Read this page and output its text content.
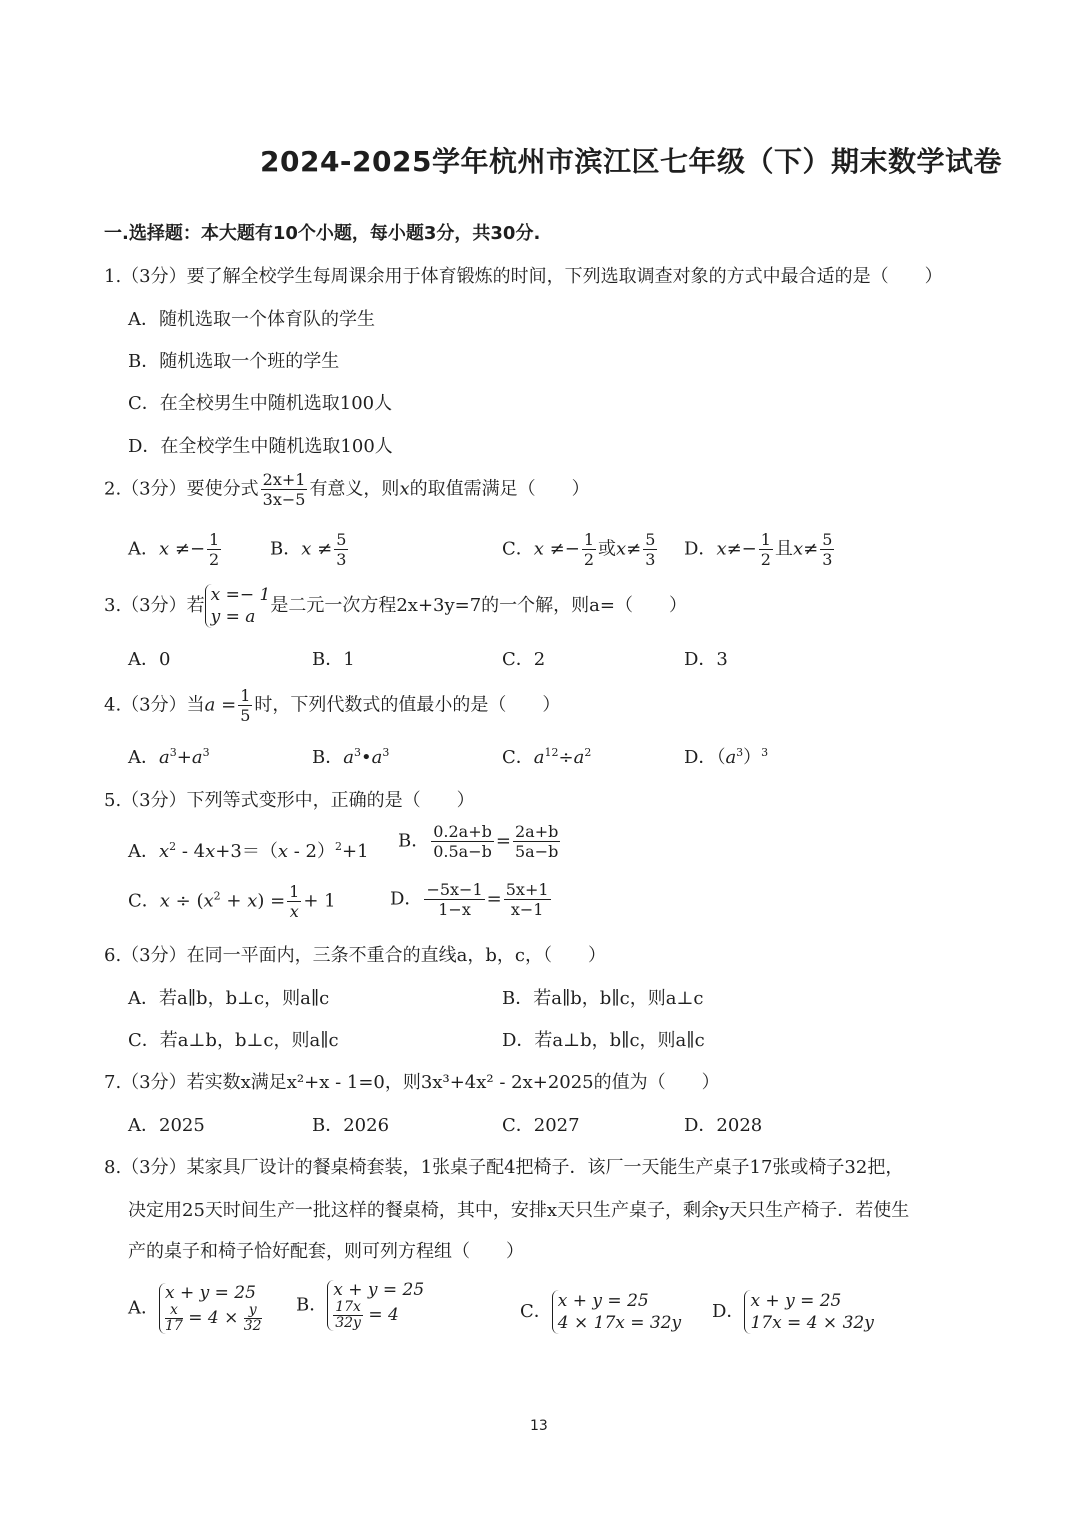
2024-2025学年杭州市滨江区七年级（下）期末数学试卷
一.选择题：本大题有10个小题，每小题3分，共30分.
1.（3分）要了解全校学生每周课余用于体育锻炼的时间，下列选取调查对象的方式中最合适的是（　　）
A．随机选取一个体育队的学生
B．随机选取一个班的学生
C．在全校男生中随机选取100人
D．在全校学生中随机选取100人
2.（3分）要使分式 $\frac{2x+1}{3x-5}$ 有意义，则x的取值需满足（　　）
A．$x \ne- \frac{1}{2}$	B．$x \ne \frac{5}{3}$	C．$x \ne- \frac{1}{2}$ 或$x\ne \frac{5}{3}$ D．$x\ne- \frac{1}{2}$ 且$x\ne \frac{5}{3}$
3.（3分）若 x =− 1
y = a
是二元一次方程2x+3y=7的一个解，则a=（　　）
A．0	B．1	C．2	D．3
4.（3分）当$a = \frac{1}{5}$ 时，下列代数式的值最小的是（　　）
A．$a^3+a^3$	B．$a^3•a^3$	C．$a^{12}\div a^2$	D．$(a^3)^3$
5.（3分）下列等式变形中，正确的是（　　）
A．$x^2 - 4x+3=(x - 2)^2+1$ B． $\frac{0.2a+b}{0.5a-b} = \frac{2a+b}{5a-b}$
C．$x \div (x^2 + x) = \frac{1}{x} + 1$	D． $\frac{-5x-1}{1-x} = \frac{5x+1}{x-1}$
6.（3分）在同一平面内，三条不重合的直线a，b，c，（　　）
A．若a∥b，b⊥c，则a∥c	B．若a∥b，b∥c，则a⊥c
C．若a⊥b，b⊥c，则a∥c	D．若a⊥b，b∥c，则a∥c
7.（3分）若实数x满足x²+x - 1=0，则3x³+4x² - 2x+2025的值为（　　）
A．2025	B．2026	C．2027	D．2028
8.（3分）某家具厂设计的餐桌椅套装，1张桌子配4把椅子．该厂一天能生产桌子17张或椅子32把，
决定用25天时间生产一批这样的餐桌椅，其中，安排x天只生产桌子，剩余y天只生产椅子．若使生
产的桌子和椅子恰好配套，则可列方程组（　　）
A．
x + y = 25
$\frac{x}{17} = 4 \times \frac{y}{32}$ B．
x + y = 25
$\frac{17x}{32y} = 4$	C． x + y = 25
4 × 17x = 32y
D． x + y = 25
17x = 4 × 32y
13
